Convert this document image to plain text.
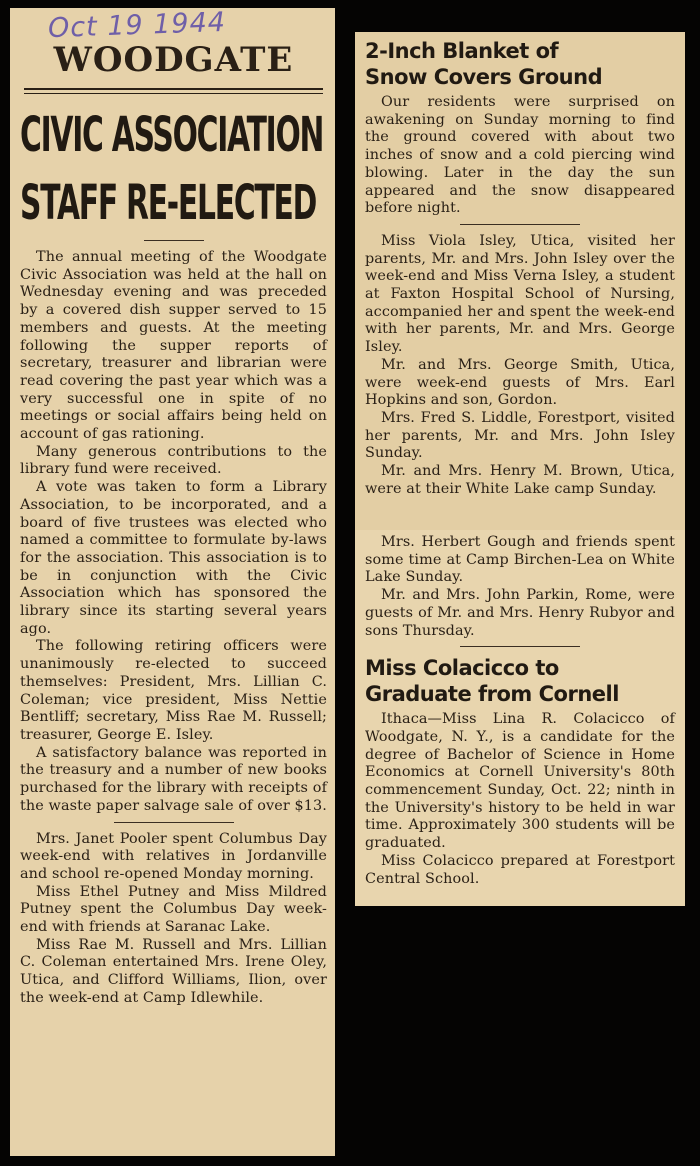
Oct 19 1944
WOODGATE
CIVIC ASSOCIATION
STAFF RE-ELECTED

The annual meeting of the Woodgate Civic Association was held at the hall on Wednesday evening and was preceded by a covered dish supper served to 15 members and guests. At the meeting following the supper reports of secretary, treasurer and librarian were read covering the past year which was a very successful one in spite of no meetings or social affairs being held on account of gas rationing.

Many generous contributions to the library fund were received.

A vote was taken to form a Library Association, to be incorporated, and a board of five trustees was elected who named a committee to formulate by-laws for the association. This association is to be in conjunction with the Civic Association which has sponsored the library since its starting several years ago.

The following retiring officers were unanimously re-elected to succeed themselves: President, Mrs. Lillian C. Coleman; vice president, Miss Nettie Bentliff; secretary, Miss Rae M. Russell; treasurer, George E. Isley.

A satisfactory balance was reported in the treasury and a number of new books purchased for the library with receipts of the waste paper salvage sale of over $13.

Mrs. Janet Pooler spent Columbus Day week-end with relatives in Jordanville and school re-opened Monday morning.

Miss Ethel Putney and Miss Mildred Putney spent the Columbus Day week-end with friends at Saranac Lake.

Miss Rae M. Russell and Mrs. Lillian C. Coleman entertained Mrs. Irene Oley, Utica, and Clifford Williams, Ilion, over the week-end at Camp Idlewhile.

2-Inch Blanket of
Snow Covers Ground

Our residents were surprised on awakening on Sunday morning to find the ground covered with about two inches of snow and a cold piercing wind blowing. Later in the day the sun appeared and the snow disappeared before night.

Miss Viola Isley, Utica, visited her parents, Mr. and Mrs. John Isley over the week-end and Miss Verna Isley, a student at Faxton Hospital School of Nursing, accompanied her and spent the week-end with her parents, Mr. and Mrs. George Isley.

Mr. and Mrs. George Smith, Utica, were week-end guests of Mrs. Earl Hopkins and son, Gordon.

Mrs. Fred S. Liddle, Forestport, visited her parents, Mr. and Mrs. John Isley Sunday.

Mr. and Mrs. Henry M. Brown, Utica, were at their White Lake camp Sunday.

Mrs. Herbert Gough and friends spent some time at Camp Birchen-Lea on White Lake Sunday.

Mr. and Mrs. John Parkin, Rome, were guests of Mr. and Mrs. Henry Rubyor and sons Thursday.

Miss Colacicco to
Graduate from Cornell

Ithaca—Miss Lina R. Colacicco of Woodgate, N. Y., is a candidate for the degree of Bachelor of Science in Home Economics at Cornell University's 80th commencement Sunday, Oct. 22; ninth in the University's history to be held in war time. Approximately 300 students will be graduated.

Miss Colacicco prepared at Forestport Central School.
